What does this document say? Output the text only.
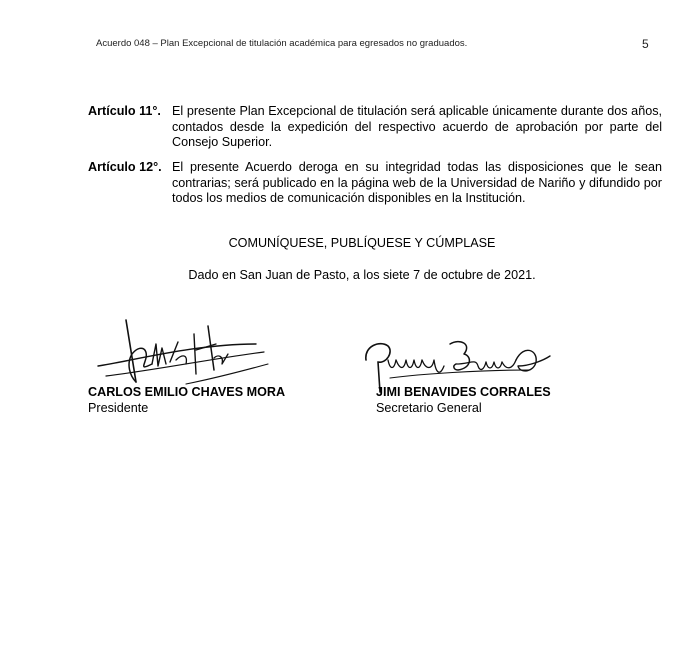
Acuerdo 048 – Plan Excepcional de titulación académica para egresados no graduados.	5
Artículo 11°. El presente Plan Excepcional de titulación será aplicable únicamente durante dos años, contados desde la expedición del respectivo acuerdo de aprobación por parte del Consejo Superior.
Artículo 12°. El presente Acuerdo deroga en su integridad todas las disposiciones que le sean contrarias; será publicado en la página web de la Universidad de Nariño y difundido por todos los medios de comunicación disponibles en la Institución.
COMUNÍQUESE, PUBLÍQUESE Y CÚMPLASE
Dado en San Juan de Pasto, a los siete 7 de octubre de 2021.
CARLOS EMILIO CHAVES MORA
Presidente
JIMI BENAVIDES CORRALES
Secretario General
